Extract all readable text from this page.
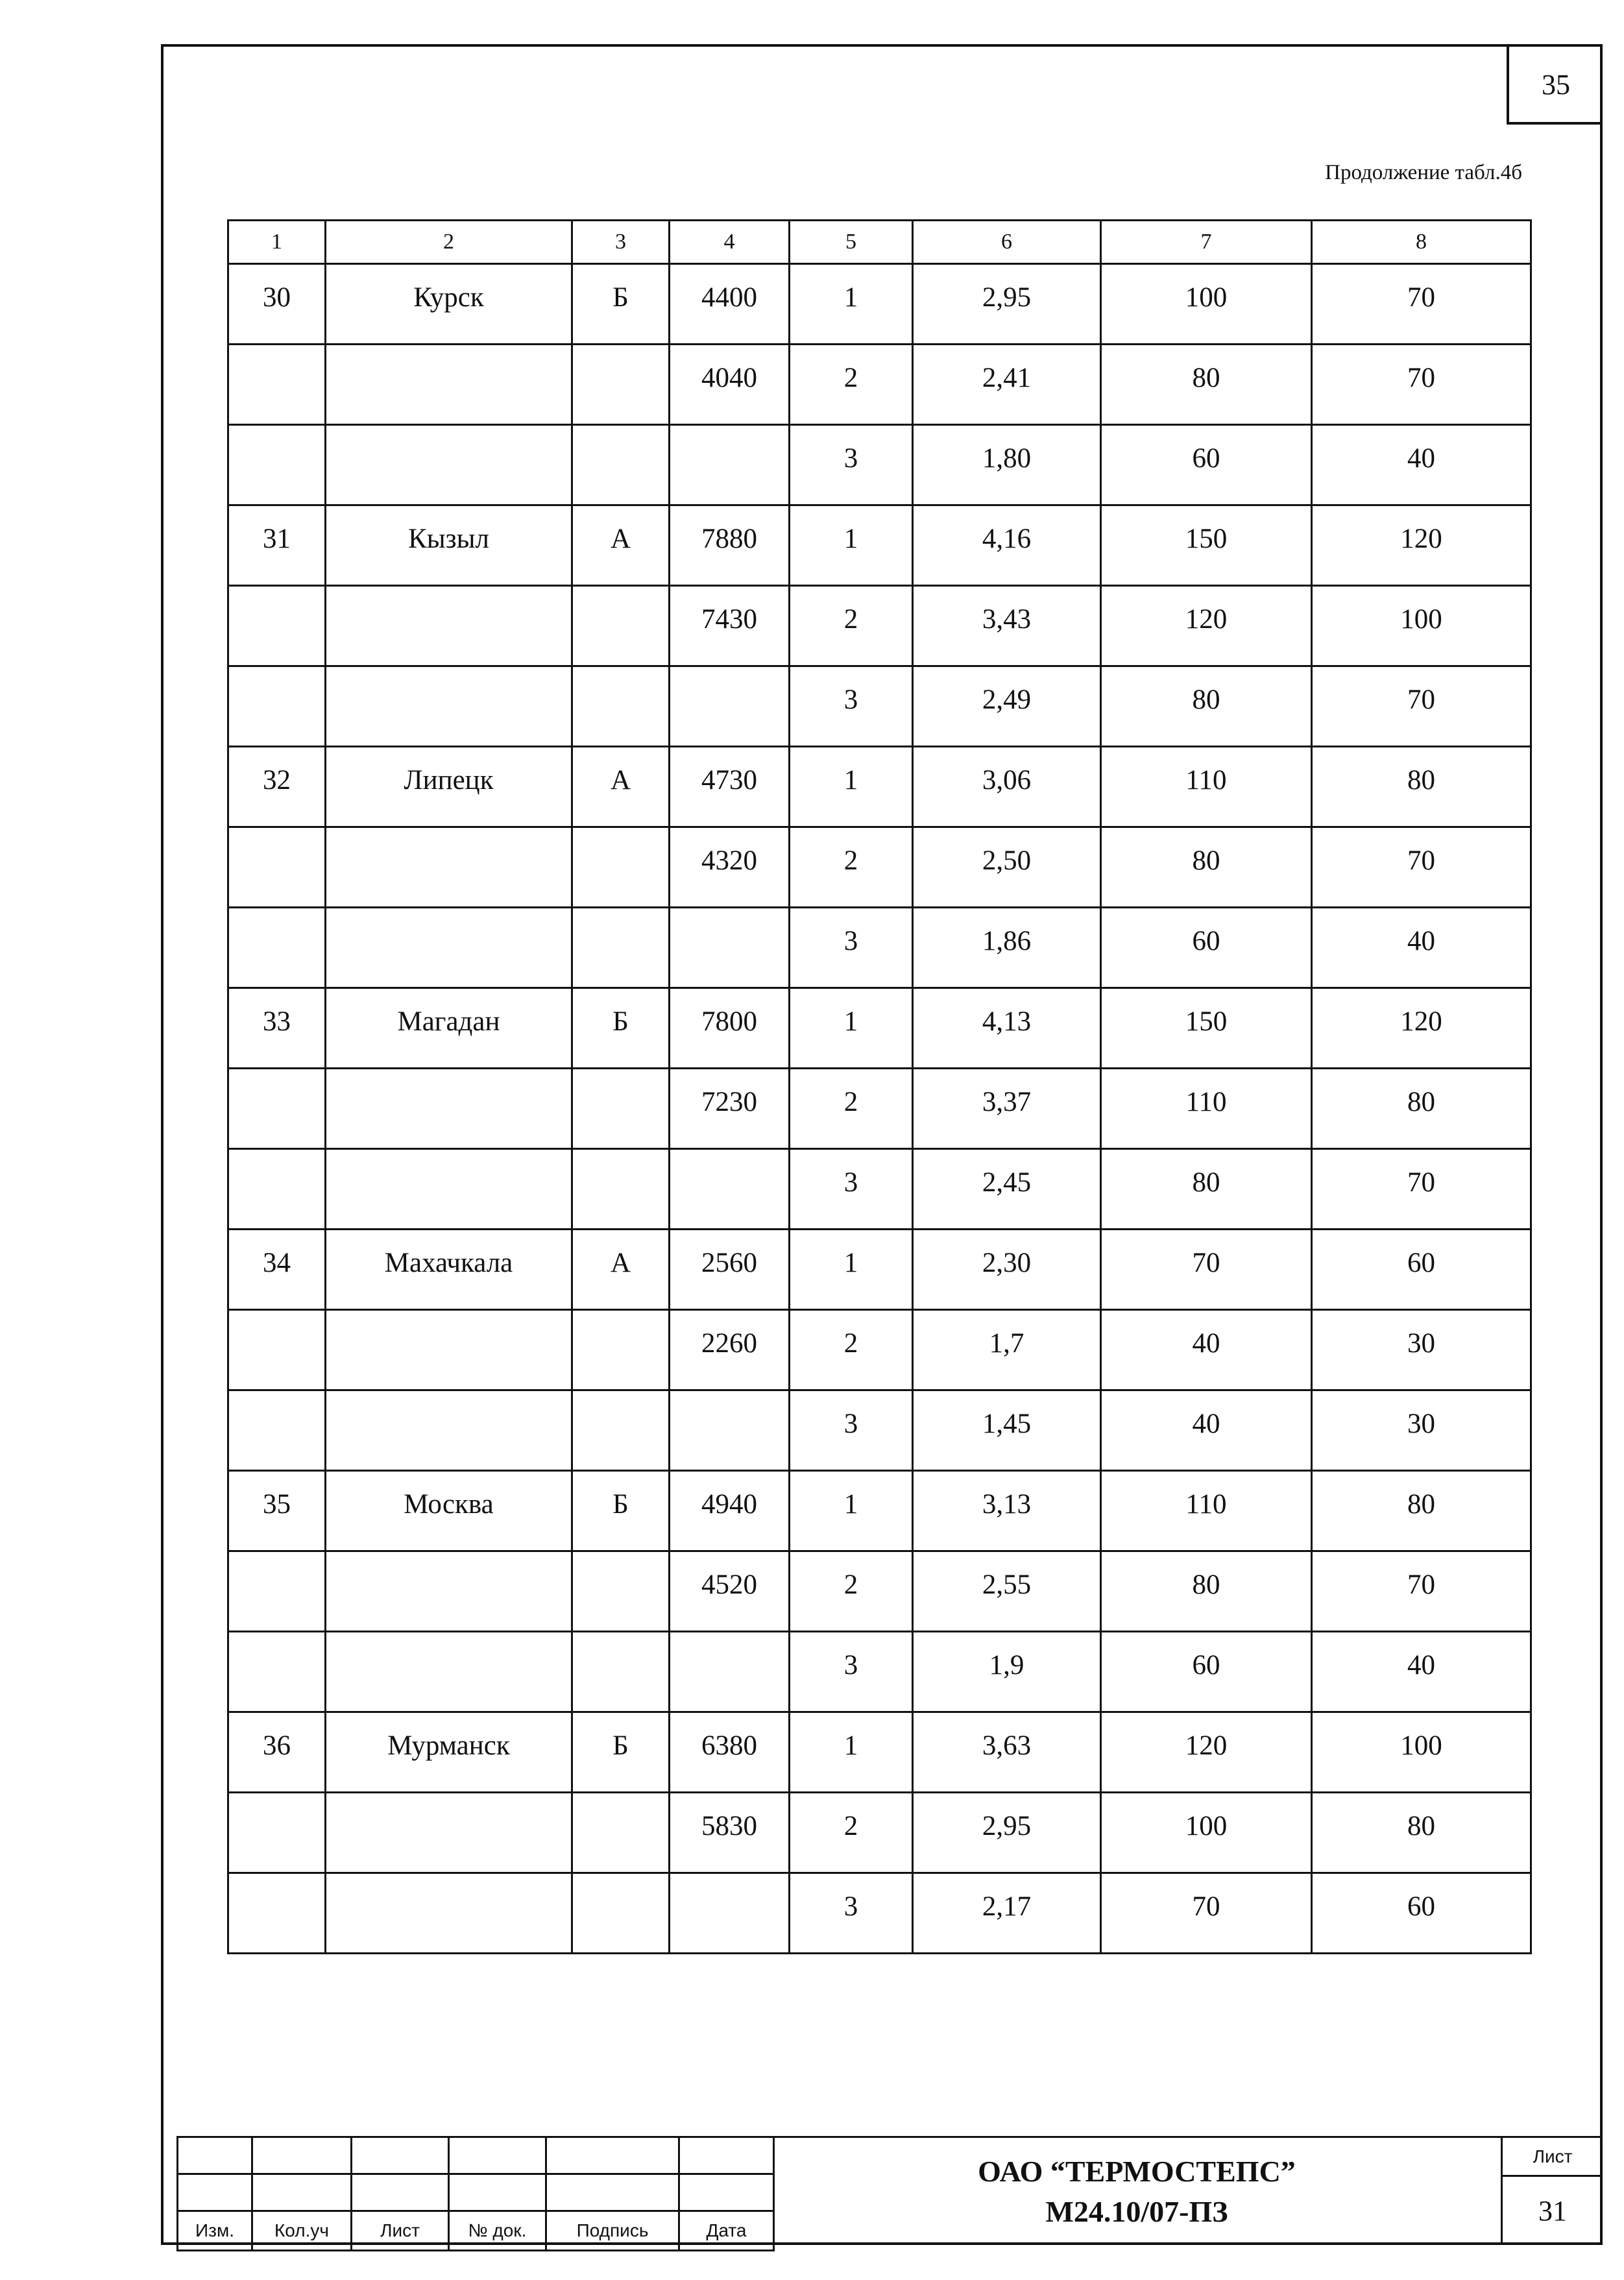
35
Продолжение табл.4б
1	2	3	4	5	6	7	8
30	Курск	Б	4400	1	2,95	100	70
			4040	2	2,41	80	70
				3	1,80	60	40
31	Кызыл	А	7880	1	4,16	150	120
			7430	2	3,43	120	100
				3	2,49	80	70
32	Липецк	А	4730	1	3,06	110	80
			4320	2	2,50	80	70
				3	1,86	60	40
33	Магадан	Б	7800	1	4,13	150	120
			7230	2	3,37	110	80
				3	2,45	80	70
34	Махачкала	А	2560	1	2,30	70	60
			2260	2	1,7	40	30
				3	1,45	40	30
35	Москва	Б	4940	1	3,13	110	80
			4520	2	2,55	80	70
				3	1,9	60	40
36	Мурманск	Б	6380	1	3,63	120	100
			5830	2	2,95	100	80
				3	2,17	70	60

Изм.	Кол.уч	Лист	№ док.	Подпись	Дата
ОАО “ТЕРМОСТЕПС”
М24.10/07-ПЗ
Лист
31
